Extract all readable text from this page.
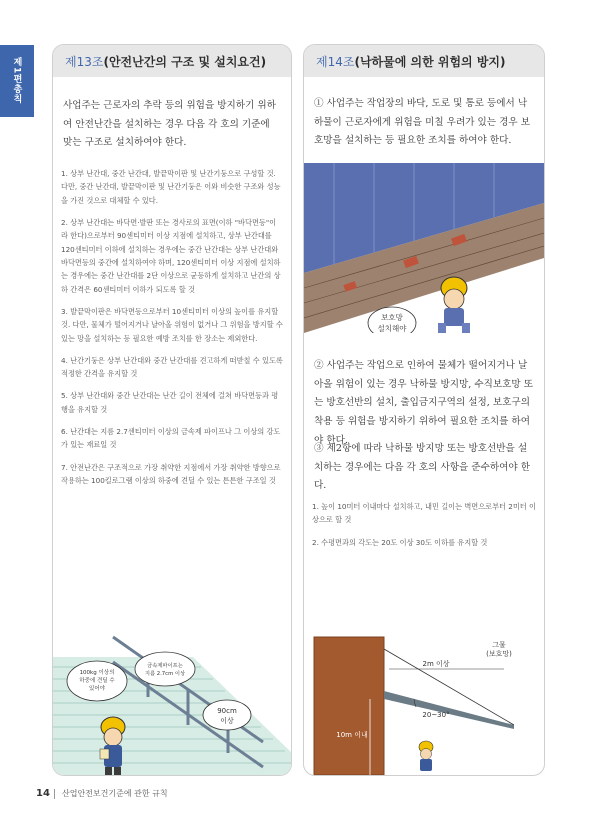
제1편총칙	제13조 (안전난간의 구조 및 설치요건)

사업주는 근로자의 추락 등의 위험을 방지하기 위하여 안전난간을 설치하는 경우 다음 각 호의 기준에 맞는 구조로 설치하여야 한다.

1. 상부 난간대, 중간 난간대, 발끝막이판 및 난간기둥으로 구성할 것. 다만, 중간 난간대, 발끝막이판 및 난간기둥은 이와 비슷한 구조와 성능을 가진 것으로 대체할 수 있다.
2. 상부 난간대는 바닥면·발판 또는 경사로의 표면(이하 "바닥면등"이라 한다)으로부터 90센티미터 이상 지점에 설치하고, 상부 난간대를 120센티미터 이하에 설치하는 경우에는 중간 난간대는 상부 난간대와 바닥면등의 중간에 설치하여야 하며, 120센티미터 이상 지점에 설치하는 경우에는 중간 난간대를 2단 이상으로 균등하게 설치하고 난간의 상하 간격은 60센티미터 이하가 되도록 할 것
3. 발끝막이판은 바닥면등으로부터 10센티미터 이상의 높이를 유지할 것. 다만, 물체가 떨어지거나 날아올 위험이 없거나 그 위험을 방지할 수 있는 망을 설치하는 등 필요한 예방 조치를 한 장소는 제외한다.
4. 난간기둥은 상부 난간대와 중간 난간대를 견고하게 떠받칠 수 있도록 적정한 간격을 유지할 것
5. 상부 난간대와 중간 난간대는 난간 길이 전체에 걸쳐 바닥면등과 평행을 유지할 것
6. 난간대는 지름 2.7센티미터 이상의 금속제 파이프나 그 이상의 강도가 있는 재료일 것
7. 안전난간은 구조적으로 가장 취약한 지점에서 가장 취약한 방향으로 작용하는 100킬로그램 이상의 하중에 견딜 수 있는 튼튼한 구조일 것
100kg 이상의
하중에 견딜 수
있어야
금속제파이프는
지름 2.7cm 이상
90cm
이상
제14조 (낙하물에 의한 위험의 방지)

① 사업주는 작업장의 바닥, 도로 및 통로 등에서 낙하물이 근로자에게 위험을 미칠 우려가 있는 경우 보호망을 설치하는 등 필요한 조치를 하여야 한다.

보호망
설치해야

② 사업주는 작업으로 인하여 물체가 떨어지거나 날아올 위험이 있는 경우 낙하물 방지망, 수직보호망 또는 방호선반의 설치, 출입금지구역의 설정, 보호구의 착용 등 위험을 방지하기 위하여 필요한 조치를 하여야 한다.

③ 제2항에 따라 낙하물 방지망 또는 방호선반을 설치하는 경우에는 다음 각 호의 사항을 준수하여야 한다.

1. 높이 10미터 이내마다 설치하고, 내민 길이는 벽면으로부터 2미터 이상으로 할 것
2. 수평면과의 각도는 20도 이상 30도 이하를 유지할 것
2m 이상
20~30°
그물
(보호망)
10m 이내
14 산업안전보건기준에 관한 규칙
